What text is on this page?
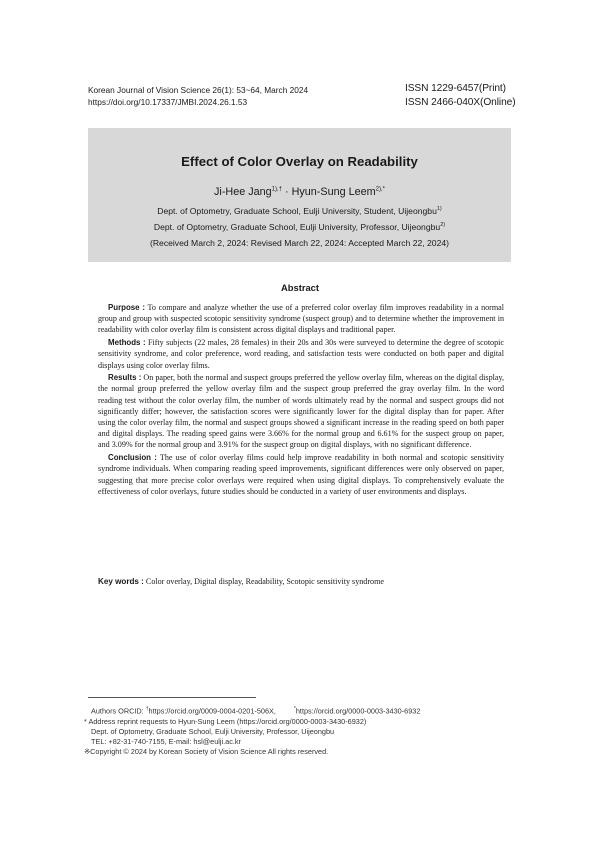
Korean Journal of Vision Science 26(1): 53~64, March 2024
https://doi.org/10.17337/JMBI.2024.26.1.53
ISSN 1229-6457(Print)
ISSN 2466-040X(Online)
Effect of Color Overlay on Readability
Ji-Hee Jang$^{1),\dagger}$ · Hyun-Sung Leem$^{2),*}$
Dept. of Optometry, Graduate School, Eulji University, Student, Uijeongbu$^{1)}$
Dept. of Optometry, Graduate School, Eulji University, Professor, Uijeongbu$^{2)}$
(Received March 2, 2024: Revised March 22, 2024: Accepted March 22, 2024)
Abstract

Purpose : To compare and analyze whether the use of a preferred color overlay film improves readability in a normal group and group with suspected scotopic sensitivity syndrome (suspect group) and to determine whether the improvement in readability with color overlay film is consistent across digital displays and traditional paper.

Methods : Fifty subjects (22 males, 28 females) in their 20s and 30s were surveyed to determine the degree of scotopic sensitivity syndrome, and color preference, word reading, and satisfaction tests were conducted on both paper and digital displays using color overlay films.

Results : On paper, both the normal and suspect groups preferred the yellow overlay film, whereas on the digital display, the normal group preferred the yellow overlay film and the suspect group preferred the gray overlay film. In the word reading test without the color overlay film, the number of words ultimately read by the normal and suspect groups did not significantly differ; however, the satisfaction scores were significantly lower for the digital display than for paper. After using the color overlay film, the normal and suspect groups showed a significant increase in the reading speed on both paper and digital displays. The reading speed gains were 3.66% for the normal group and 6.61% for the suspect group on paper, and 3.09% for the normal group and 3.91% for the suspect group on digital displays, with no significant difference.

Conclusion : The use of color overlay films could help improve readability in both normal and scotopic sensitivity syndrome individuals. When comparing reading speed improvements, significant differences were only observed on paper, suggesting that more precise color overlays were required when using digital displays. To comprehensively evaluate the effectiveness of color overlays, future studies should be conducted in a variety of user environments and displays.

Key words : Color overlay, Digital display, Readability, Scotopic sensitivity syndrome
Authors ORCID: †https://orcid.org/0009-0004-0201-506X,	*https://orcid.org/0000-0003-3430-6932
* Address reprint requests to Hyun-Sung Leem (https://orcid.org/0000-0003-3430-6932)
Dept. of Optometry, Graduate School, Eulji University, Professor, Uijeongbu
TEL: +82-31-740-7155, E-mail: hsl@eulji.ac.kr
※Copyright © 2024 by Korean Society of Vision Science All rights reserved.
